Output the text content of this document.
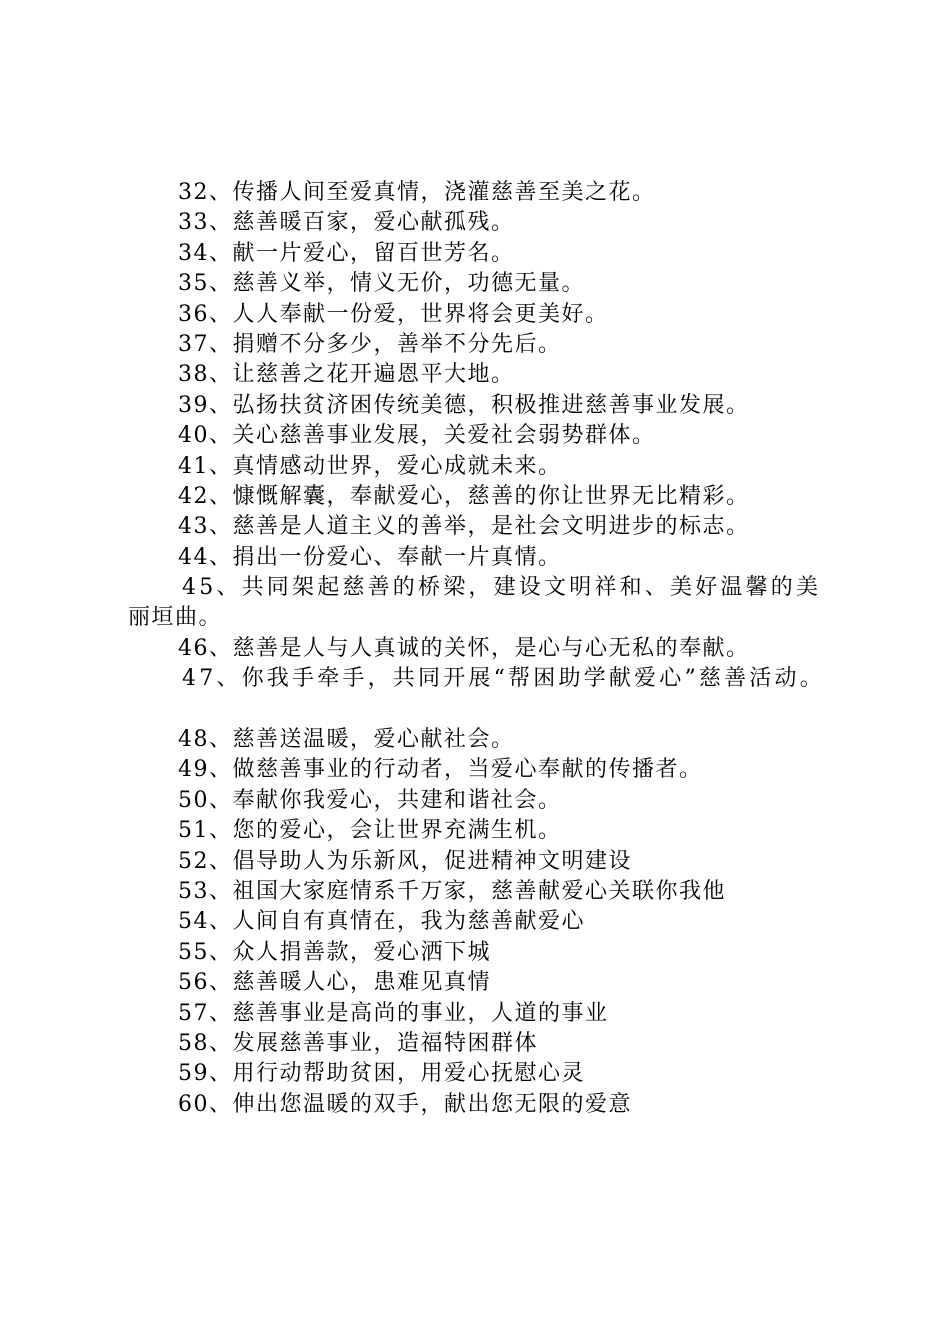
32、传播人间至爱真情，浇灌慈善至美之花。
33、慈善暖百家，爱心献孤残。
34、献一片爱心，留百世芳名。
35、慈善义举，情义无价，功德无量。
36、人人奉献一份爱，世界将会更美好。
37、捐赠不分多少，善举不分先后。
38、让慈善之花开遍恩平大地。
39、弘扬扶贫济困传统美德，积极推进慈善事业发展。
40、关心慈善事业发展，关爱社会弱势群体。
41、真情感动世界，爱心成就未来。
42、慷慨解囊，奉献爱心，慈善的你让世界无比精彩。
43、慈善是人道主义的善举，是社会文明进步的标志。
44、捐出一份爱心、奉献一片真情。
45、共同架起慈善的桥梁，建设文明祥和、美好温馨的美
丽垣曲。
46、慈善是人与人真诚的关怀，是心与心无私的奉献。
47、你我手牵手，共同开展“帮困助学献爱心”慈善活动。
48、慈善送温暖，爱心献社会。
49、做慈善事业的行动者，当爱心奉献的传播者。
50、奉献你我爱心，共建和谐社会。
51、您的爱心，会让世界充满生机。
52、倡导助人为乐新风，促进精神文明建设
53、祖国大家庭情系千万家，慈善献爱心关联你我他
54、人间自有真情在，我为慈善献爱心
55、众人捐善款，爱心洒下城
56、慈善暖人心，患难见真情
57、慈善事业是高尚的事业，人道的事业
58、发展慈善事业，造福特困群体
59、用行动帮助贫困，用爱心抚慰心灵
60、伸出您温暖的双手，献出您无限的爱意
